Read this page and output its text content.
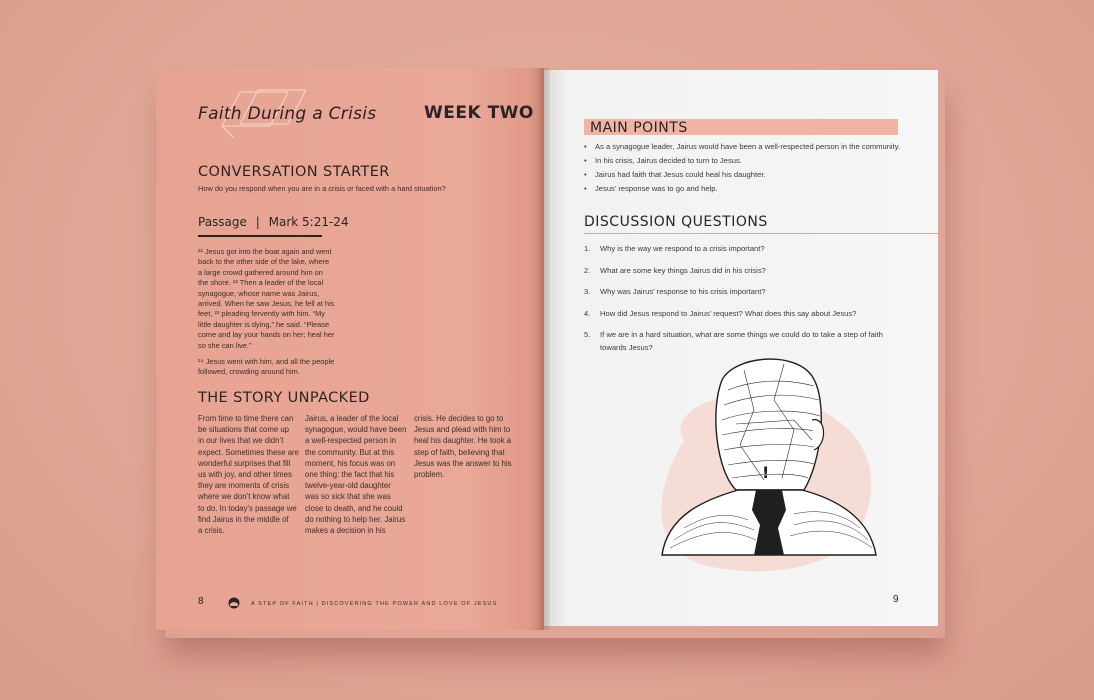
Faith During a Crisis	WEEK TWO
CONVERSATION STARTER
How do you respond when you are in a crisis or faced with a hard situation?
Passage | Mark 5:21-24
²¹ Jesus got into the boat again and went
back to the other side of the lake, where
a large crowd gathered around him on
the shore. ²² Then a leader of the local
synagogue, whose name was Jairus,
arrived. When he saw Jesus, he fell at his
feet, ²³ pleading fervently with him. “My
little daughter is dying,” he said. “Please
come and lay your hands on her; heal her
so she can live.”
²⁴ Jesus went with him, and all the people
followed, crowding around him.
THE STORY UNPACKED
From time to time there can
be situations that come up
in our lives that we didn’t
expect. Sometimes these are
wonderful surprises that fill
us with joy, and other times
they are moments of crisis
where we don’t know what
to do. In today’s passage we
find Jairus in the middle of
a crisis.
Jairus, a leader of the local
synagogue, would have been
a well-respected person in
the community. But at this
moment, his focus was on
one thing: the fact that his
twelve-year-old daughter
was so sick that she was
close to death, and he could
do nothing to help her. Jairus
makes a decision in his
crisis. He decides to go to
Jesus and plead with him to
heal his daughter. He took a
step of faith, believing that
Jesus was the answer to his
problem.
8	A STEP OF FAITH | DISCOVERING THE POWER AND LOVE OF JESUS
MAIN POINTS
• As a synagogue leader, Jairus would have been a well-respected person in the community.
• In his crisis, Jairus decided to turn to Jesus.
• Jairus had faith that Jesus could heal his daughter.
• Jesus’ response was to go and help.
DISCUSSION QUESTIONS
1.	Why is the way we respond to a crisis important?
2.	What are some key things Jairus did in his crisis?
3.	Why was Jairus’ response to his crisis important?
4.	How did Jesus respond to Jairus’ request? What does this say about Jesus?
5.	If we are in a hard situation, what are some things we could do to take a step of faith
towards Jesus?
!
9
